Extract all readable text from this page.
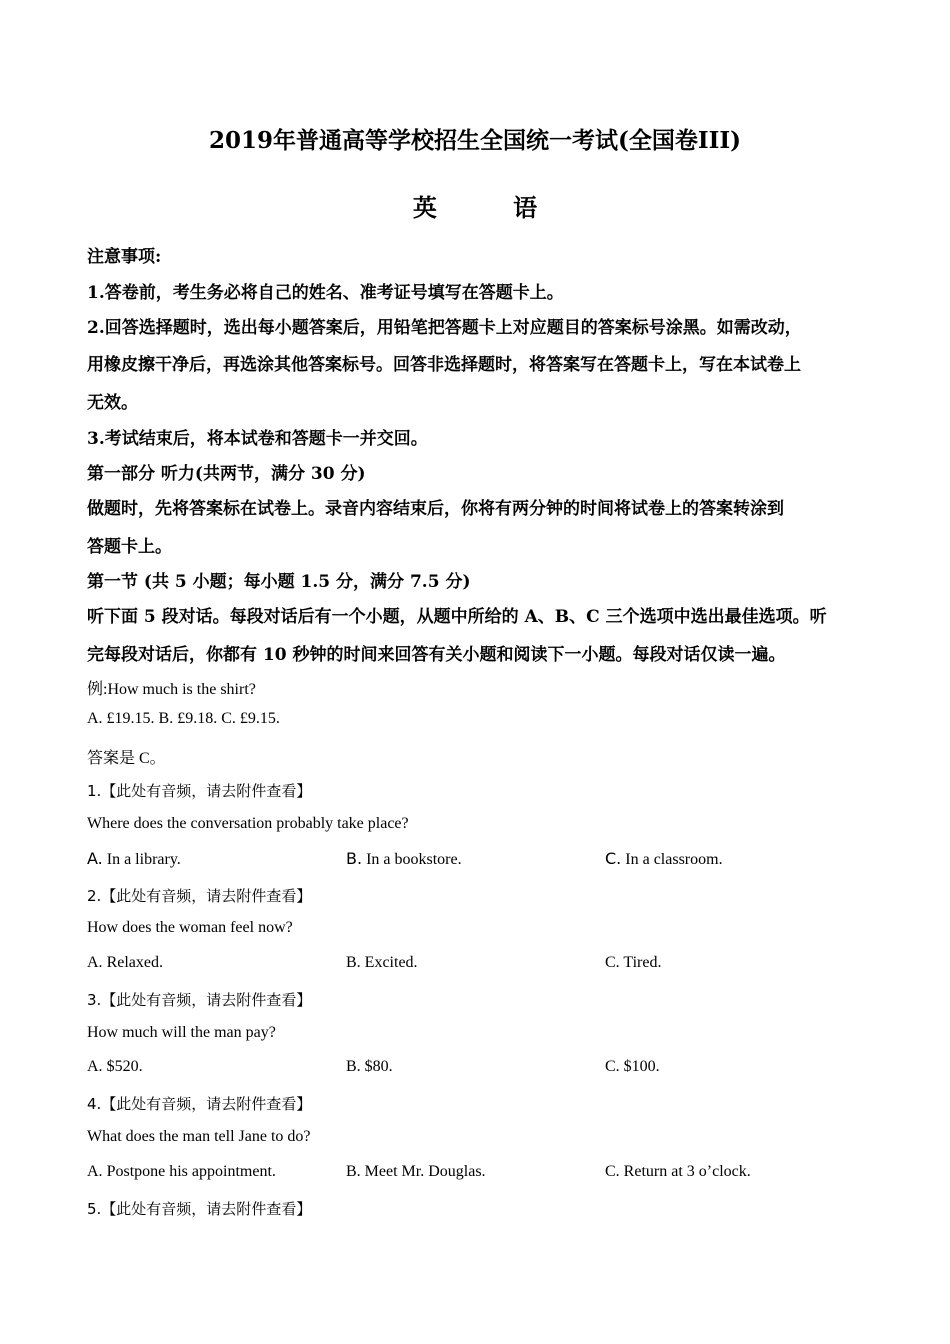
2019年普通高等学校招生全国统一考试(全国卷III)
英 语
注意事项:
1.答卷前，考生务必将自己的姓名、准考证号填写在答题卡上。
2.回答选择题时，选出每小题答案后，用铅笔把答题卡上对应题目的答案标号涂黑。如需改动，
用橡皮擦干净后，再选涂其他答案标号。回答非选择题时，将答案写在答题卡上，写在本试卷上
无效。
3.考试结束后，将本试卷和答题卡一并交回。
第一部分 听力(共两节，满分 30 分)
做题时，先将答案标在试卷上。录音内容结束后，你将有两分钟的时间将试卷上的答案转涂到
答题卡上。
第一节 (共 5 小题；每小题 1.5 分，满分 7.5 分)
听下面 5 段对话。每段对话后有一个小题，从题中所给的 A、B、C 三个选项中选出最佳选项。听
完每段对话后，你都有 10 秒钟的时间来回答有关小题和阅读下一小题。每段对话仅读一遍。
例:How much is the shirt?
A. £19.15. B. £9.18. C. £9.15.
答案是 C。
1.【此处有音频，请去附件查看】
Where does the conversation probably take place?
A. In a library.	B. In a bookstore.	C. In a classroom.
2.【此处有音频，请去附件查看】
How does the woman feel now?
A. Relaxed.	B. Excited.	C. Tired.
3.【此处有音频，请去附件查看】
How much will the man pay?
A. $520.	B. $80.	C. $100.
4.【此处有音频，请去附件查看】
What does the man tell Jane to do?
A. Postpone his appointment.	B. Meet Mr. Douglas.	C. Return at 3 o’clock.
5.【此处有音频，请去附件查看】
